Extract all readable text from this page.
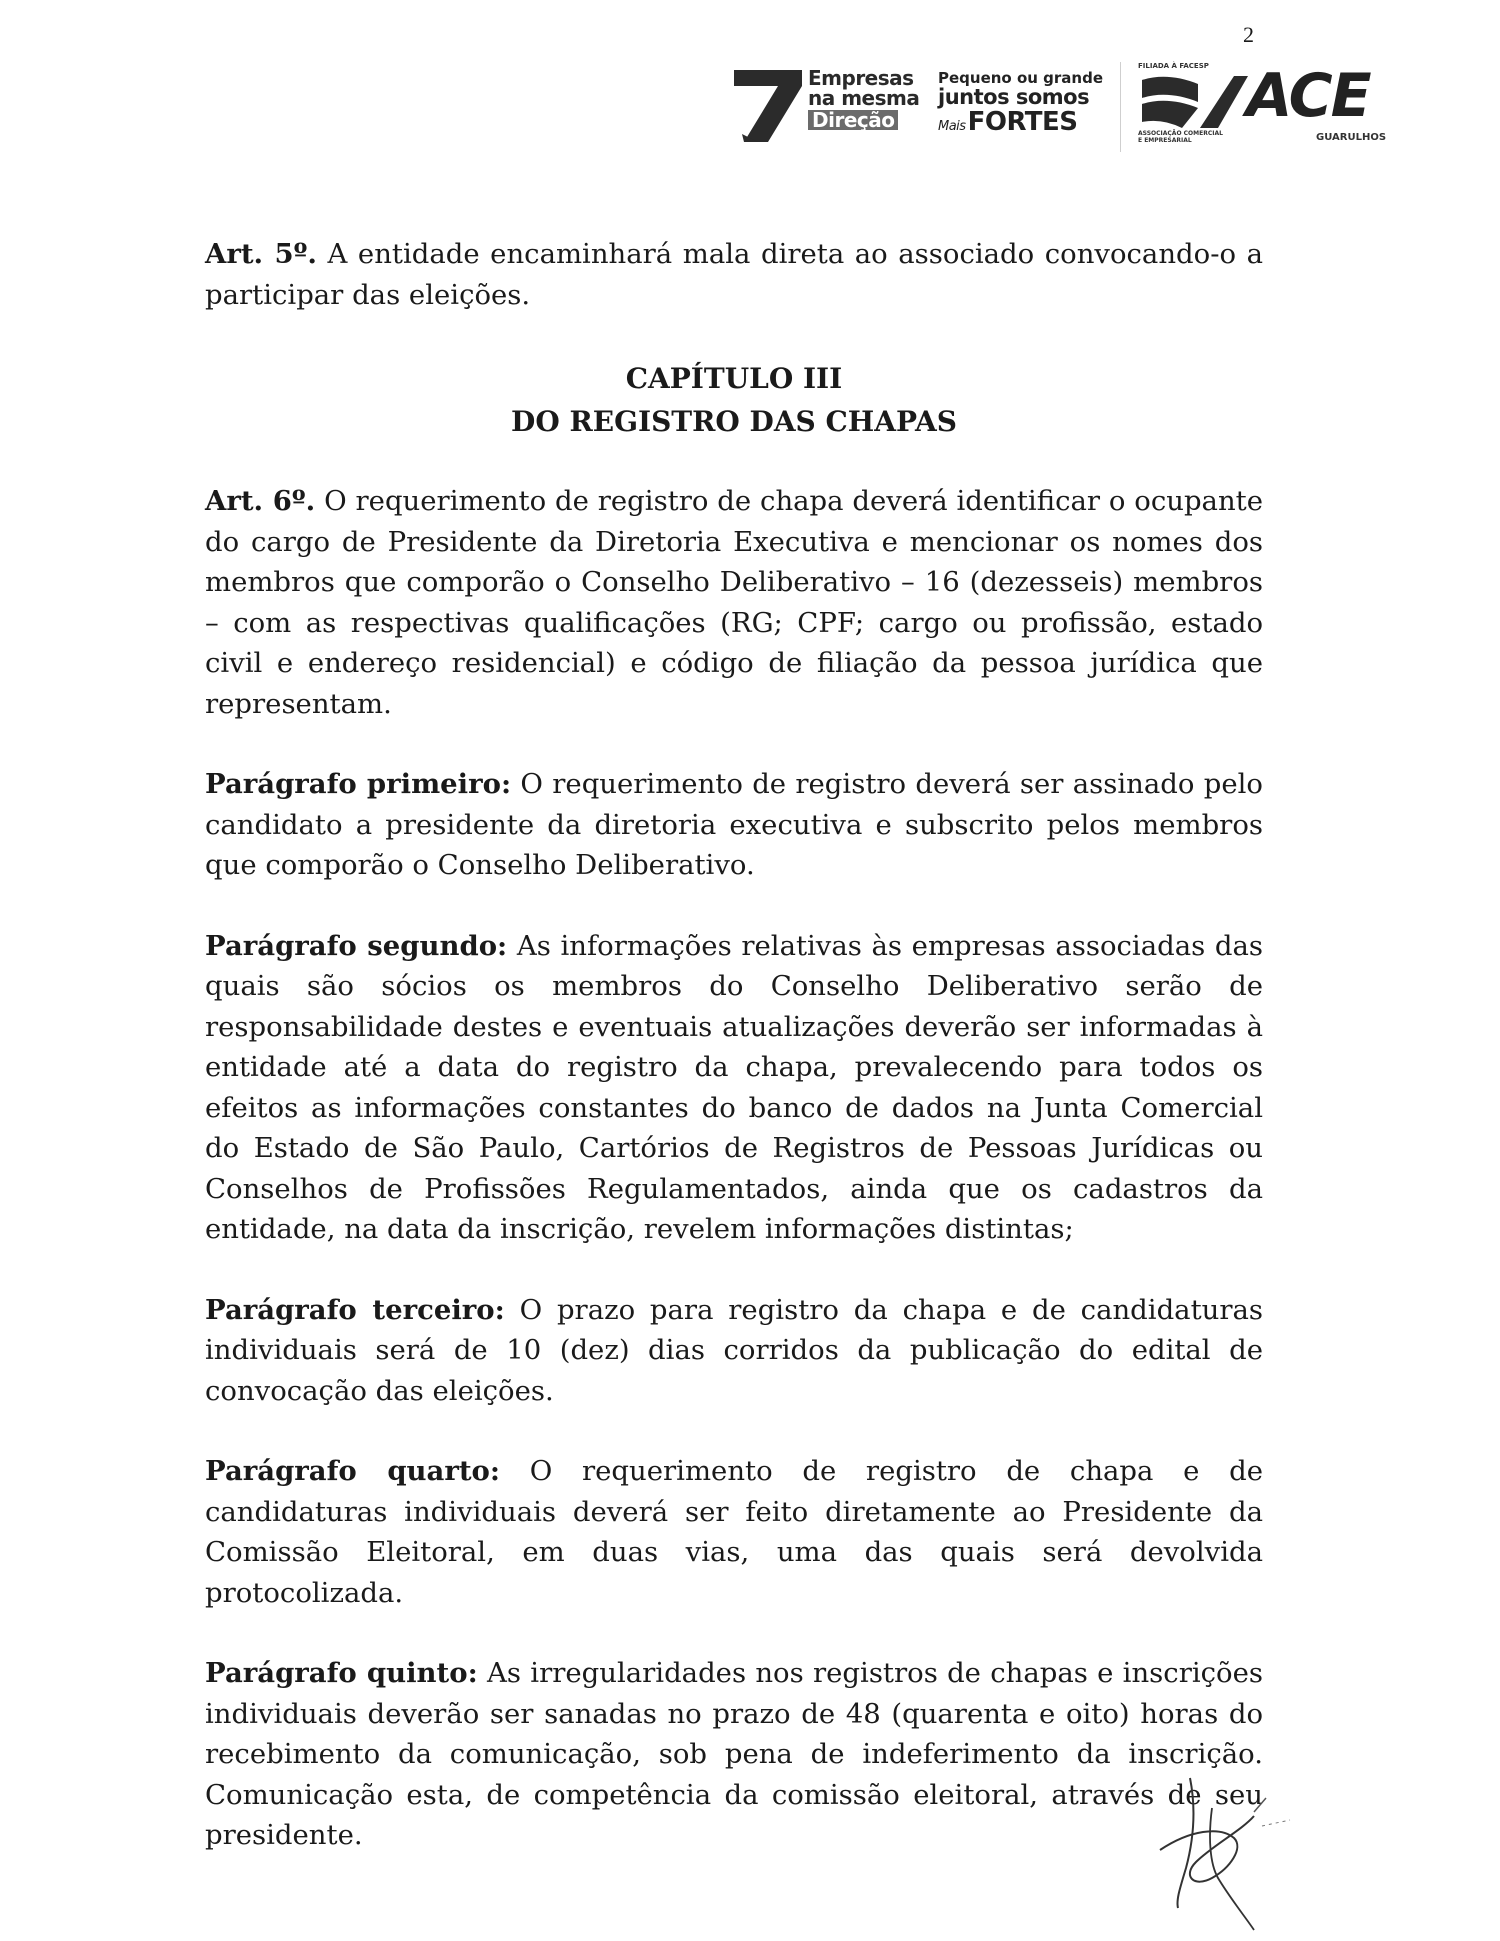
2
Empresas
na mesma
Direção
Pequeno ou grande
juntos somos
MaisFORTES
FILIADA À FACESP ACE
ASSOCIAÇÃO COMERCIAL
E EMPRESARIAL	GUARULHOS

Art. 5º. A entidade encaminhará mala direta ao associado convocando-o a participar das eleições.

CAPÍTULO III

DO REGISTRO DAS CHAPAS

Art. 6º. O requerimento de registro de chapa deverá identificar o ocupante do cargo de Presidente da Diretoria Executiva e mencionar os nomes dos membros que comporão o Conselho Deliberativo – 16 (dezesseis) membros – com as respectivas qualificações (RG; CPF; cargo ou profissão, estado civil e endereço residencial) e código de filiação da pessoa jurídica que representam.

Parágrafo primeiro: O requerimento de registro deverá ser assinado pelo candidato a presidente da diretoria executiva e subscrito pelos membros que comporão o Conselho Deliberativo.

Parágrafo segundo: As informações relativas às empresas associadas das quais são sócios os membros do Conselho Deliberativo serão de responsabilidade destes e eventuais atualizações deverão ser informadas à entidade até a data do registro da chapa, prevalecendo para todos os efeitos as informações constantes do banco de dados na Junta Comercial do Estado de São Paulo, Cartórios de Registros de Pessoas Jurídicas ou Conselhos de Profissões Regulamentados, ainda que os cadastros da entidade, na data da inscrição, revelem informações distintas;

Parágrafo terceiro: O prazo para registro da chapa e de candidaturas individuais será de 10 (dez) dias corridos da publicação do edital de convocação das eleições.

Parágrafo quarto: O requerimento de registro de chapa e de candidaturas individuais deverá ser feito diretamente ao Presidente da Comissão Eleitoral, em duas vias, uma das quais será devolvida protocolizada.

Parágrafo quinto: As irregularidades nos registros de chapas e inscrições individuais deverão ser sanadas no prazo de 48 (quarenta e oito) horas do recebimento da comunicação, sob pena de indeferimento da inscrição. Comunicação esta, de competência da comissão eleitoral, através de seu presidente.
